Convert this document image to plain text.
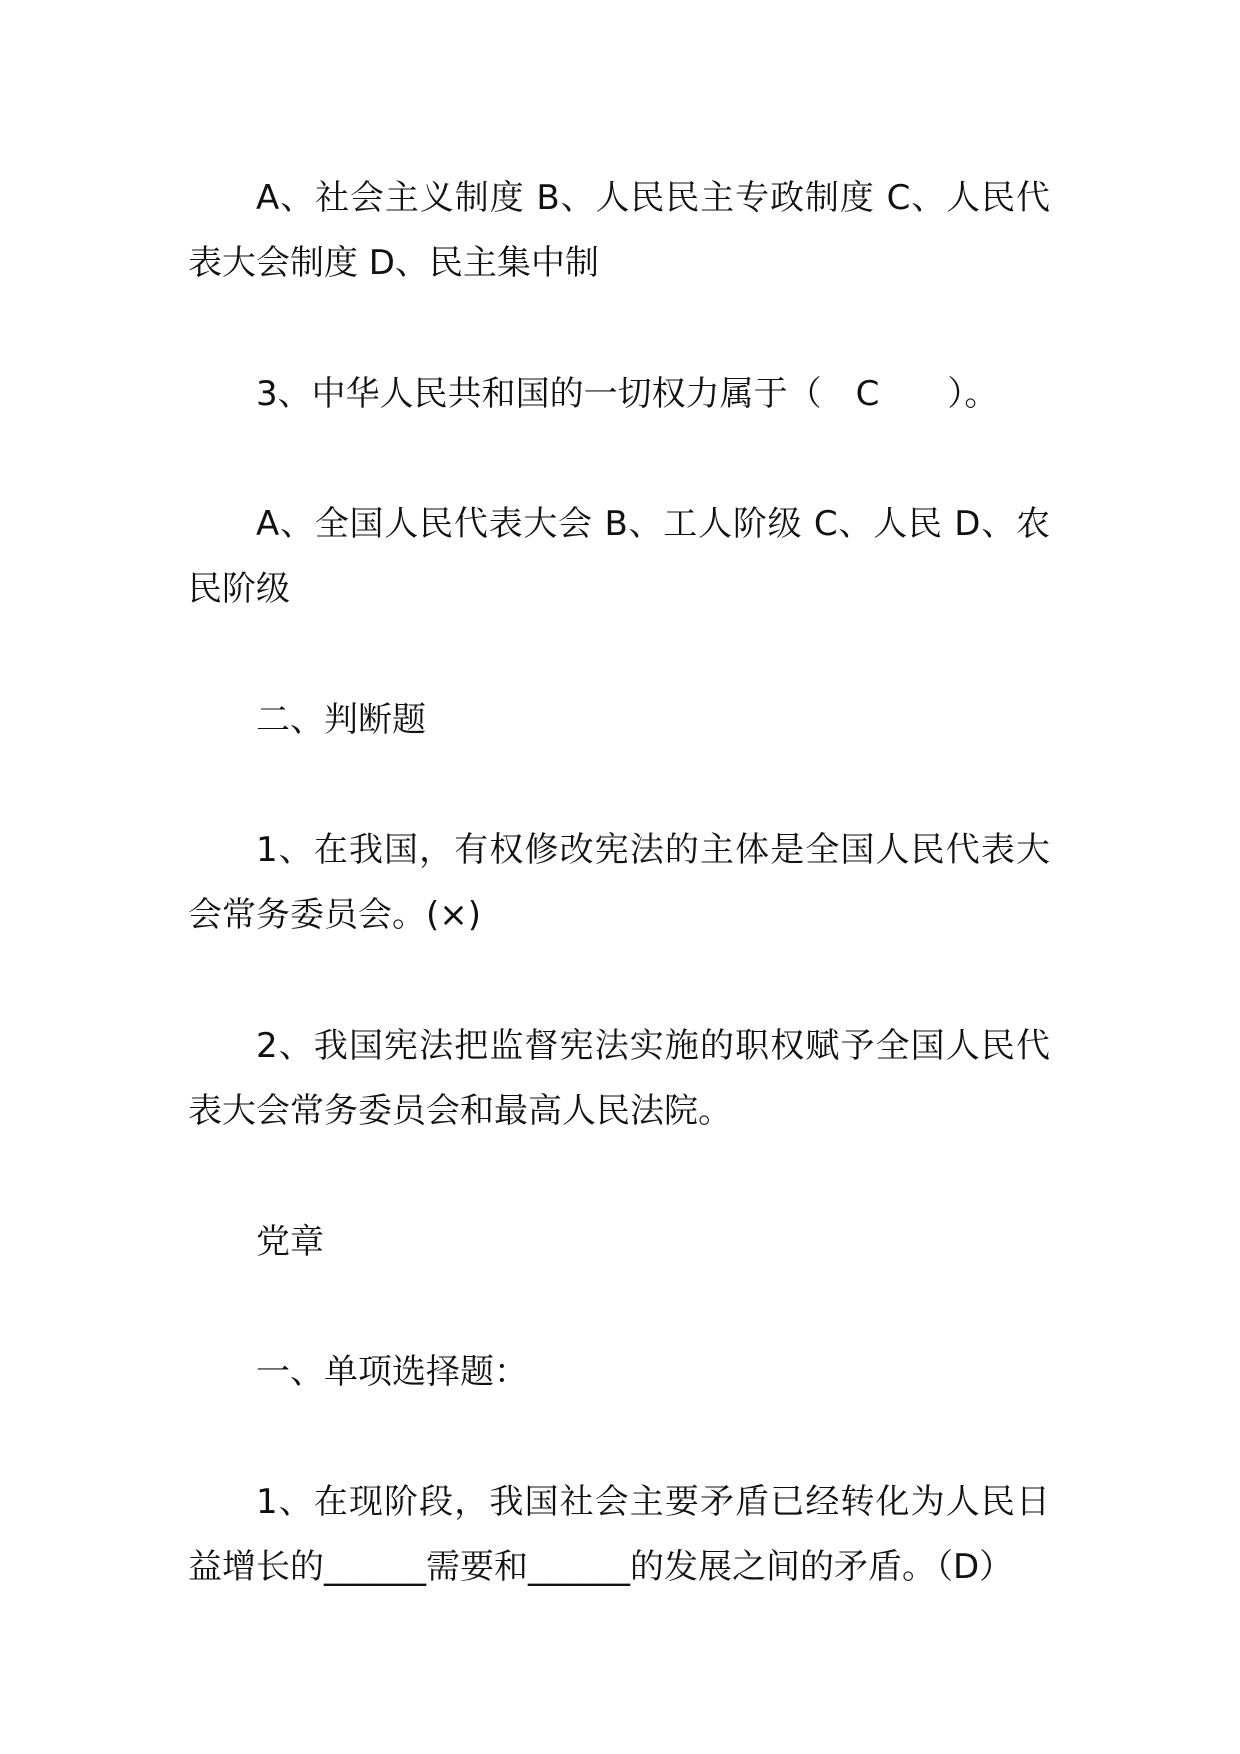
A、社会主义制度 B、人民民主专政制度 C、人民代表大会制度 D、民主集中制

3、中华人民共和国的一切权力属于（　C　　）。

A、全国人民代表大会 B、工人阶级 C、人民 D、农民阶级

二、判断题

1、在我国，有权修改宪法的主体是全国人民代表大会常务委员会。(×)

2、我国宪法把监督宪法实施的职权赋予全国人民代表大会常务委员会和最高人民法院。

党章

一、单项选择题：

1、在现阶段，我国社会主要矛盾已经转化为人民日益增长的______需要和______的发展之间的矛盾。（D）
